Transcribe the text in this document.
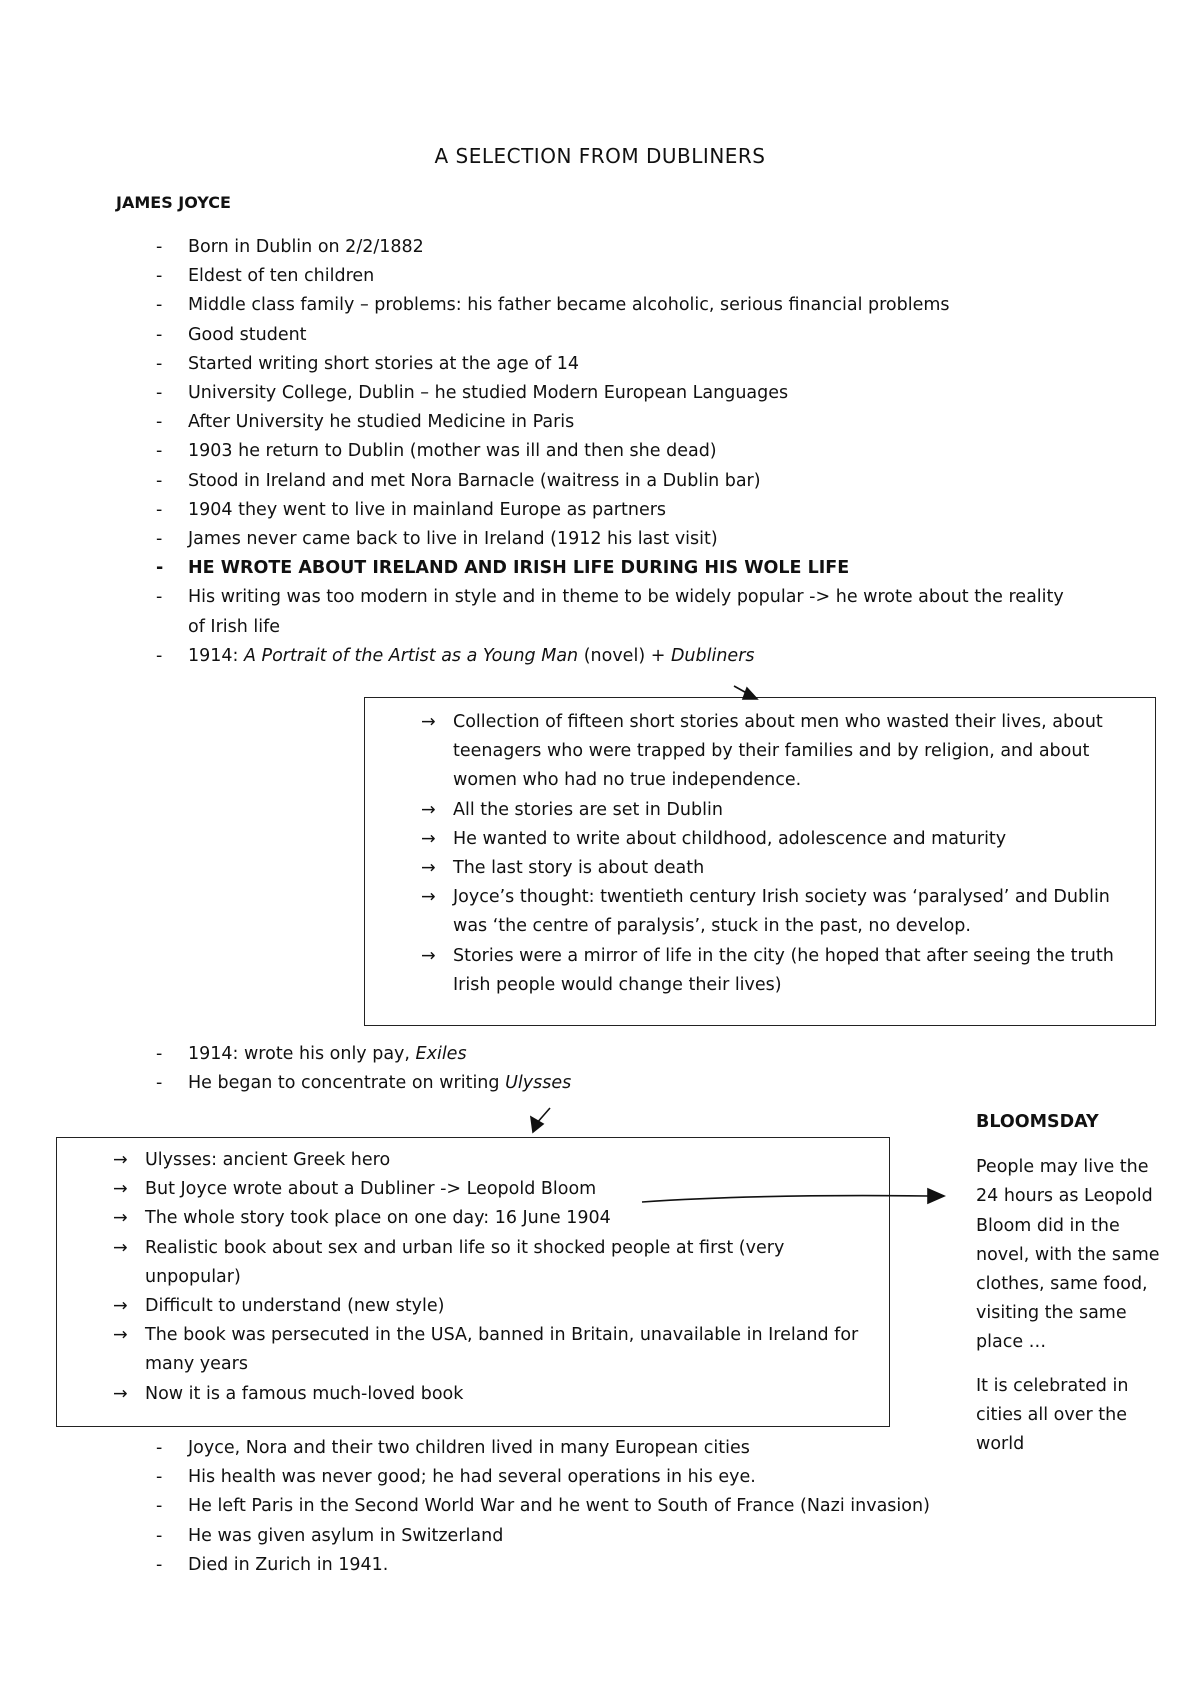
A SELECTION FROM DUBLINERS
JAMES JOYCE
- Born in Dublin on 2/2/1882
- Eldest of ten children
- Middle class family – problems: his father became alcoholic, serious financial problems
- Good student
- Started writing short stories at the age of 14
- University College, Dublin – he studied Modern European Languages
- After University he studied Medicine in Paris
- 1903 he return to Dublin (mother was ill and then she dead)
- Stood in Ireland and met Nora Barnacle (waitress in a Dublin bar)
- 1904 they went to live in mainland Europe as partners
- James never came back to live in Ireland (1912 his last visit)
- HE WROTE ABOUT IRELAND AND IRISH LIFE DURING HIS WOLE LIFE
- His writing was too modern in style and in theme to be widely popular -> he wrote about the reality
of Irish life
- 1914: A Portrait of the Artist as a Young Man (novel) + Dubliners
→ Collection of fifteen short stories about men who wasted their lives, about teenagers who were trapped by their families and by religion, and about women who had no true independence.
→ All the stories are set in Dublin
→ He wanted to write about childhood, adolescence and maturity
→ The last story is about death
→ Joyce’s thought: twentieth century Irish society was ‘paralysed’ and Dublin was ‘the centre of paralysis’, stuck in the past, no develop.
→ Stories were a mirror of life in the city (he hoped that after seeing the truth Irish people would change their lives)
- 1914: wrote his only pay, Exiles
- He began to concentrate on writing Ulysses
→ Ulysses: ancient Greek hero
→ But Joyce wrote about a Dubliner -> Leopold Bloom
→ The whole story took place on one day: 16 June 1904
→ Realistic book about sex and urban life so it shocked people at first (very unpopular)
→ Difficult to understand (new style)
→ The book was persecuted in the USA, banned in Britain, unavailable in Ireland for many years
→ Now it is a famous much-loved book
BLOOMSDAY

People may live the 24 hours as Leopold Bloom did in the novel, with the same clothes, same food, visiting the same place …

It is celebrated in cities all over the world

- Joyce, Nora and their two children lived in many European cities
- His health was never good; he had several operations in his eye.
- He left Paris in the Second World War and he went to South of France (Nazi invasion)
- He was given asylum in Switzerland
- Died in Zurich in 1941.
